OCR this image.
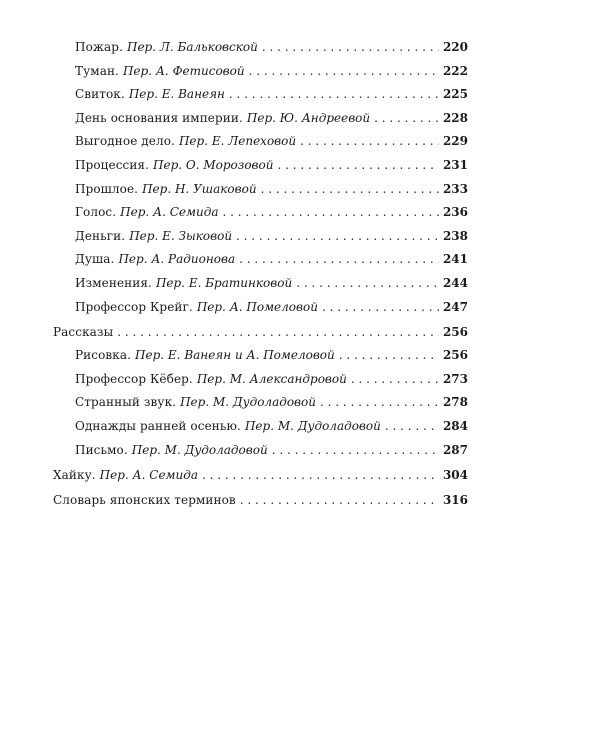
Пожар. Пер. Л. Бальковской . . .	220
Туман. Пер. А. Фетисовой . . .	222
Свиток. Пер. Е. Ванеян . . .	225
День основания империи. Пер. Ю. Андреевой . . .	228
Выгодное дело. Пер. Е. Лепеховой . . .	229
Процессия. Пер. О. Морозовой . . .	231
Прошлое. Пер. Н. Ушаковой . . .	233
Голос. Пер. А. Семида . . .	236
Деньги. Пер. Е. Зыковой . . .	238
Душа. Пер. А. Радионова . . .	241
Изменения. Пер. Е. Братинковой . . .	244
Профессор Крейг. Пер. А. Помеловой . . .	247
Рассказы . . .	256
Рисовка. Пер. Е. Ванеян и А. Помеловой . . .	256
Профессор Кёбер. Пер. М. Александровой . . .	273
Странный звук. Пер. М. Дудоладовой . . .	278
Однажды ранней осенью. Пер. М. Дудоладовой . . .	284
Письмо. Пер. М. Дудоладовой . . .	287
Хайку. Пер. А. Семида . . .	304
Словарь японских терминов . . .	316
